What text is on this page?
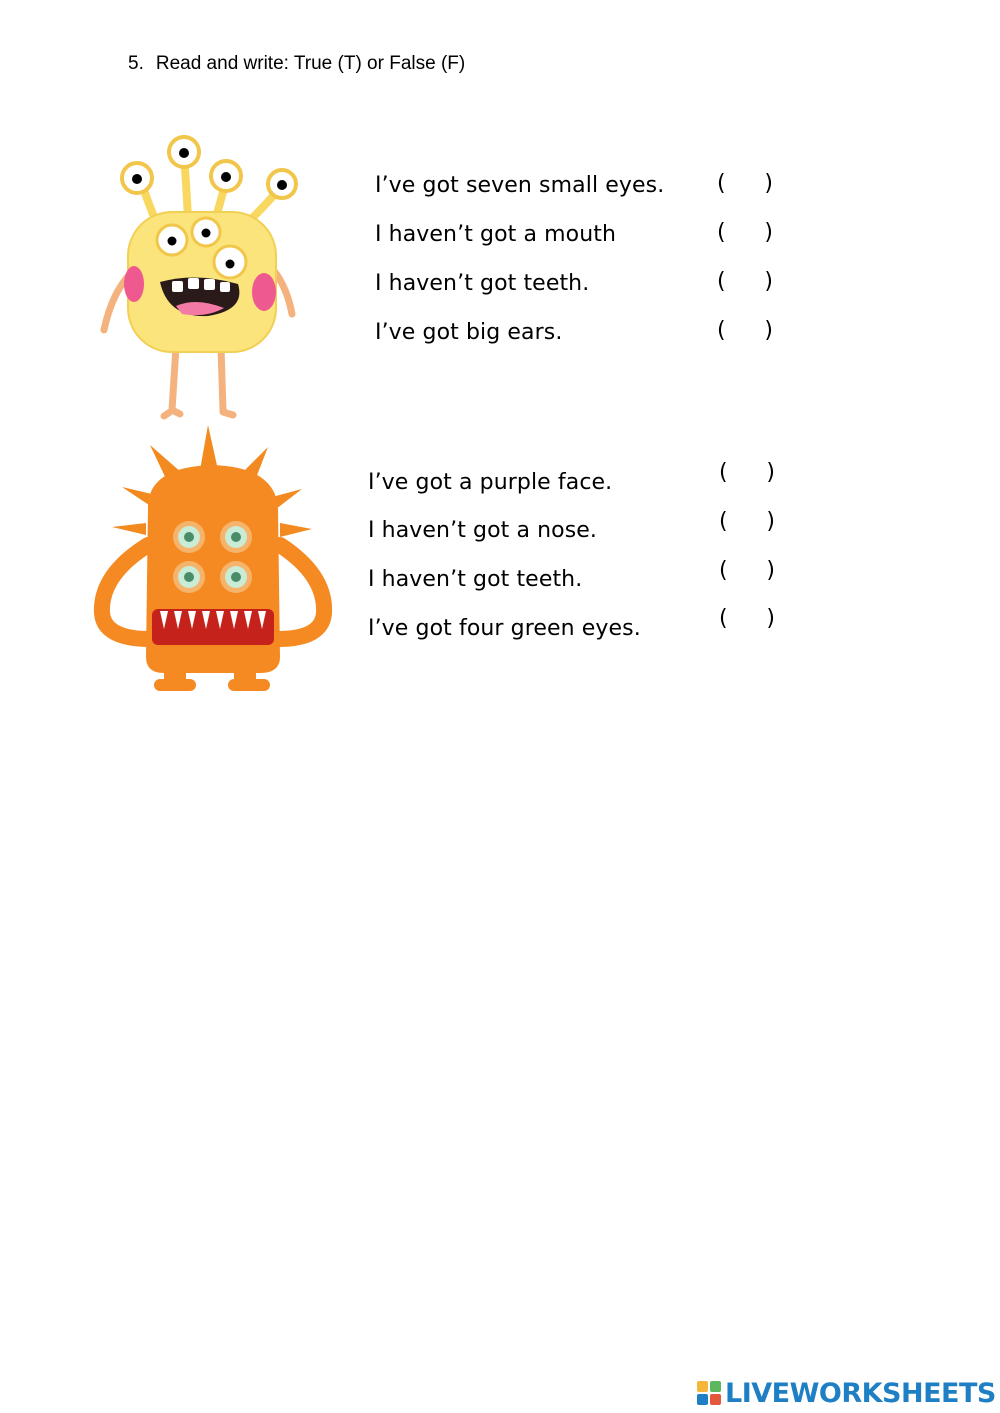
5. Read and write: True (T) or False (F)
I’ve got seven small eyes.
I haven’t got a mouth
I haven’t got teeth.
I’ve got big ears.
( )
( )
( )
( )
I’ve got a purple face.
I haven’t got a nose.
I haven’t got teeth.
I’ve got four green eyes.
( )
( )
( )
( )
LIVEWORKSHEETS
